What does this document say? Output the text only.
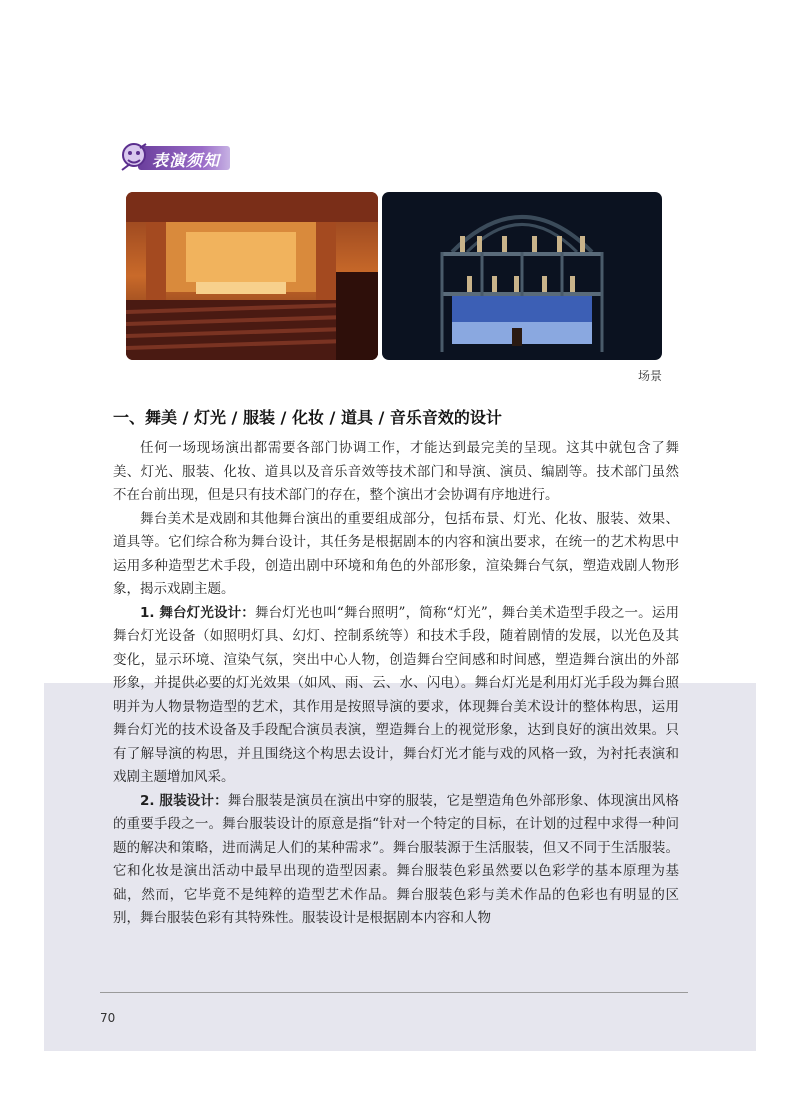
表演须知
场景
一、舞美 / 灯光 / 服装 / 化妆 / 道具 / 音乐音效的设计

任何一场现场演出都需要各部门协调工作，才能达到最完美的呈现。这其中就包含了舞美、灯光、服装、化妆、道具以及音乐音效等技术部门和导演、演员、编剧等。技术部门虽然不在台前出现，但是只有技术部门的存在，整个演出才会协调有序地进行。

舞台美术是戏剧和其他舞台演出的重要组成部分，包括布景、灯光、化妆、服装、效果、道具等。它们综合称为舞台设计，其任务是根据剧本的内容和演出要求，在统一的艺术构思中运用多种造型艺术手段，创造出剧中环境和角色的外部形象，渲染舞台气氛，塑造戏剧人物形象，揭示戏剧主题。

1. 舞台灯光设计：舞台灯光也叫“舞台照明”，简称“灯光”，舞台美术造型手段之一。运用舞台灯光设备（如照明灯具、幻灯、控制系统等）和技术手段，随着剧情的发展，以光色及其变化，显示环境、渲染气氛，突出中心人物，创造舞台空间感和时间感，塑造舞台演出的外部形象，并提供必要的灯光效果（如风、雨、云、水、闪电）。舞台灯光是利用灯光手段为舞台照明并为人物景物造型的艺术，其作用是按照导演的要求，体现舞台美术设计的整体构思，运用舞台灯光的技术设备及手段配合演员表演，塑造舞台上的视觉形象，达到良好的演出效果。只有了解导演的构思，并且围绕这个构思去设计，舞台灯光才能与戏的风格一致，为衬托表演和戏剧主题增加风采。

2. 服装设计：舞台服装是演员在演出中穿的服装，它是塑造角色外部形象、体现演出风格的重要手段之一。舞台服装设计的原意是指“针对一个特定的目标，在计划的过程中求得一种问题的解决和策略，进而满足人们的某种需求”。舞台服装源于生活服装，但又不同于生活服装。它和化妆是演出活动中最早出现的造型因素。舞台服装色彩虽然要以色彩学的基本原理为基础，然而，它毕竟不是纯粹的造型艺术作品。舞台服装色彩与美术作品的色彩也有明显的区别，舞台服装色彩有其特殊性。服装设计是根据剧本内容和人物

70
